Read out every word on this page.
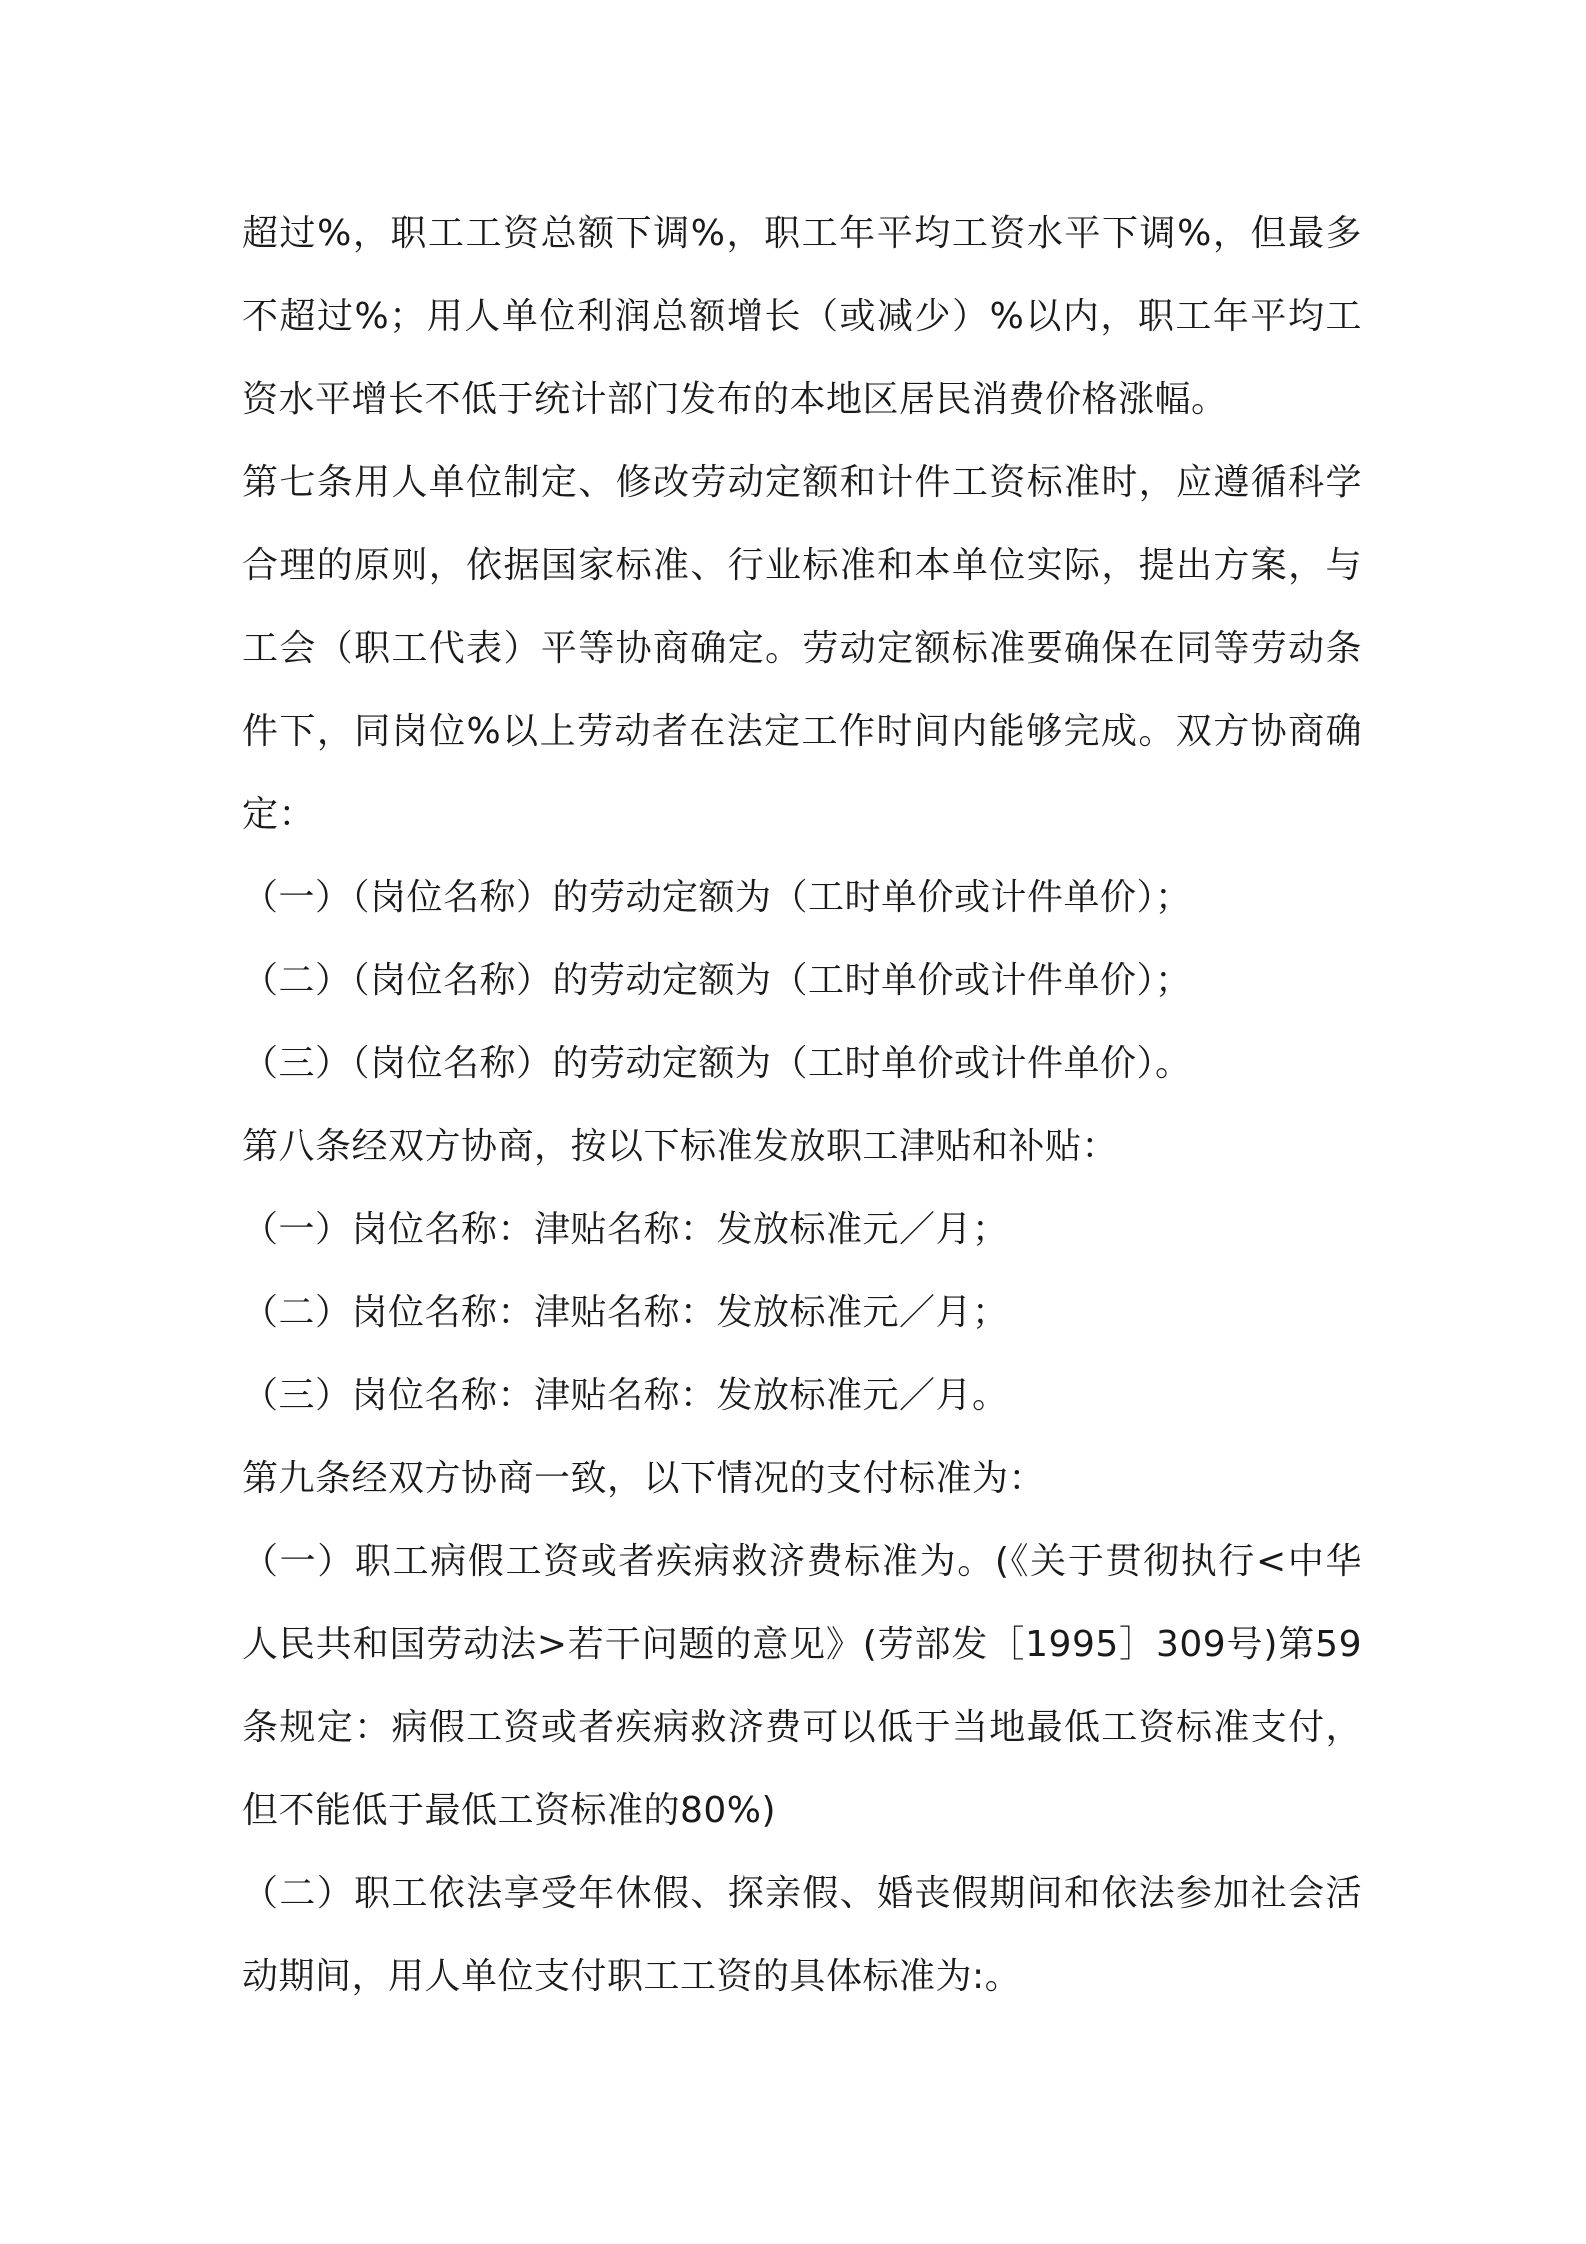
超过%，职工工资总额下调%，职工年平均工资水平下调%，但最多不超过%；用人单位利润总额增长（或减少）%以内，职工年平均工资水平增长不低于统计部门发布的本地区居民消费价格涨幅。

第七条用人单位制定、修改劳动定额和计件工资标准时，应遵循科学合理的原则，依据国家标准、行业标准和本单位实际，提出方案，与工会（职工代表）平等协商确定。劳动定额标准要确保在同等劳动条件下，同岗位%以上劳动者在法定工作时间内能够完成。双方协商确定：

（一）（岗位名称）的劳动定额为（工时单价或计件单价）；

（二）（岗位名称）的劳动定额为（工时单价或计件单价）；

（三）（岗位名称）的劳动定额为（工时单价或计件单价）。

第八条经双方协商，按以下标准发放职工津贴和补贴：

（一）岗位名称：津贴名称：发放标准元／月；

（二）岗位名称：津贴名称：发放标准元／月；

（三）岗位名称：津贴名称：发放标准元／月。

第九条经双方协商一致，以下情况的支付标准为：

（一）职工病假工资或者疾病救济费标准为。(《关于贯彻执行<中华人民共和国劳动法>若干问题的意见》(劳部发［1995］309号)第59条规定：病假工资或者疾病救济费可以低于当地最低工资标准支付，但不能低于最低工资标准的80%)

（二）职工依法享受年休假、探亲假、婚丧假期间和依法参加社会活动期间，用人单位支付职工工资的具体标准为:。
